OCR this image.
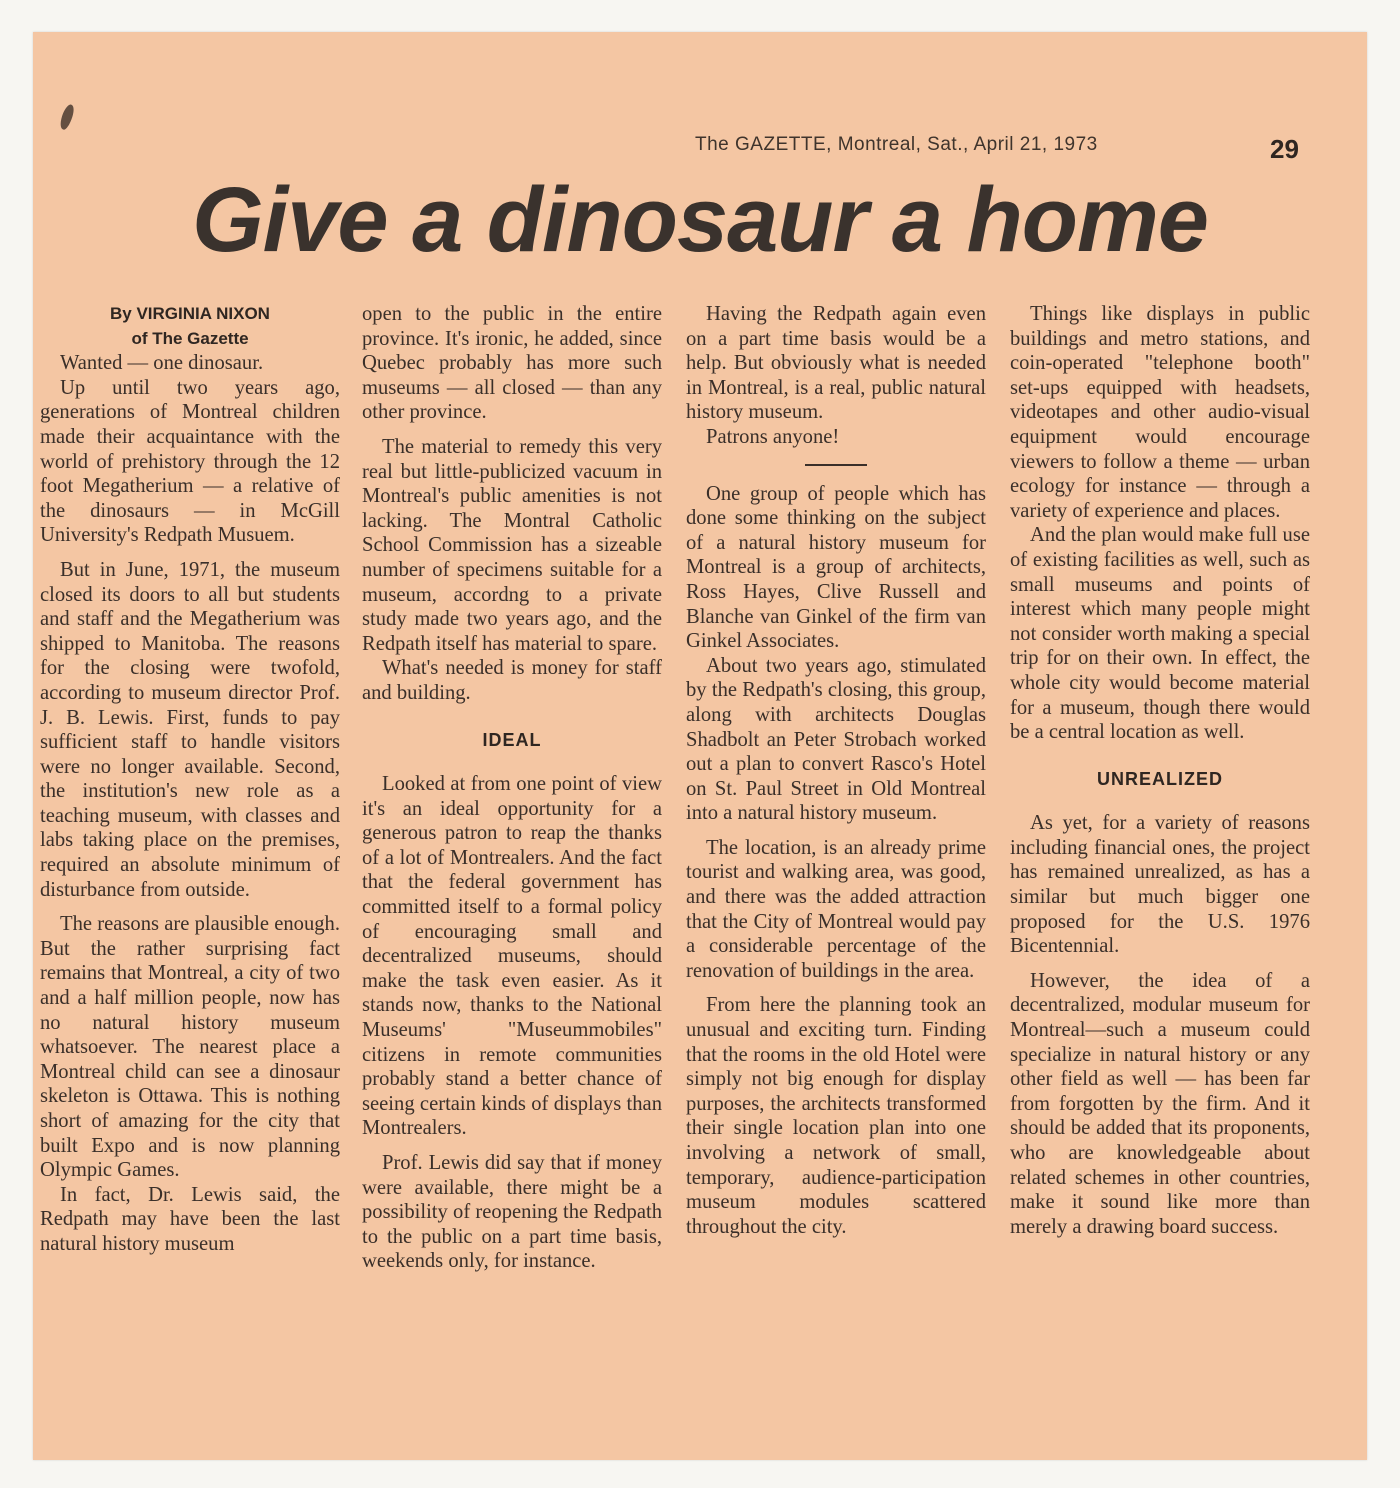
The GAZETTE, Montreal, Sat., April 21, 1973	29
Give a dinosaur a home

By VIRGINIA NIXON

of The Gazette

Wanted — one dinosaur.

Up until two years ago, generations of Montreal children made their acquaintance with the world of prehistory through the 12 foot Megatherium — a relative of the dinosaurs — in McGill University's Redpath Musuem.

But in June, 1971, the museum closed its doors to all but students and staff and the Megatherium was shipped to Manitoba. The reasons for the closing were twofold, according to museum director Prof. J. B. Lewis. First, funds to pay sufficient staff to handle visitors were no longer available. Second, the institution's new role as a teaching museum, with classes and labs taking place on the premises, required an absolute minimum of disturbance from outside.

The reasons are plausible enough. But the rather surprising fact remains that Montreal, a city of two and a half million people, now has no natural history museum whatsoever. The nearest place a Montreal child can see a dinosaur skeleton is Ottawa. This is nothing short of amazing for the city that built Expo and is now planning Olympic Games.

In fact, Dr. Lewis said, the Redpath may have been the last natural history museum

open to the public in the entire province. It's ironic, he added, since Quebec probably has more such museums — all closed — than any other province.

The material to remedy this very real but little-publicized vacuum in Montreal's public amenities is not lacking. The Montral Catholic School Commission has a sizeable number of specimens suitable for a museum, accordng to a private study made two years ago, and the Redpath itself has material to spare.

What's needed is money for staff and building.

IDEAL

Looked at from one point of view it's an ideal opportunity for a generous patron to reap the thanks of a lot of Montrealers. And the fact that the federal government has committed itself to a formal policy of encouraging small and decentralized museums, should make the task even easier. As it stands now, thanks to the National Museums' "Museummobiles" citizens in remote communities probably stand a better chance of seeing certain kinds of displays than Montrealers.

Prof. Lewis did say that if money were available, there might be a possibility of reopening the Redpath to the public on a part time basis, weekends only, for instance.

Having the Redpath again even on a part time basis would be a help. But obviously what is needed in Montreal, is a real, public natural history museum.

Patrons anyone!

One group of people which has done some thinking on the subject of a natural history museum for Montreal is a group of architects, Ross Hayes, Clive Russell and Blanche van Ginkel of the firm van Ginkel Associates.

About two years ago, stimulated by the Redpath's closing, this group, along with architects Douglas Shadbolt an Peter Strobach worked out a plan to convert Rasco's Hotel on St. Paul Street in Old Montreal into a natural history museum.

The location, is an already prime tourist and walking area, was good, and there was the added attraction that the City of Montreal would pay a considerable percentage of the renovation of buildings in the area.

From here the planning took an unusual and exciting turn. Finding that the rooms in the old Hotel were simply not big enough for display purposes, the architects transformed their single location plan into one involving a network of small, temporary, audience-participation museum modules scattered throughout the city.

Things like displays in public buildings and metro stations, and coin-operated "telephone booth" set-ups equipped with headsets, videotapes and other audio-visual equipment would encourage viewers to follow a theme — urban ecology for instance — through a variety of experience and places.

And the plan would make full use of existing facilities as well, such as small museums and points of interest which many people might not consider worth making a special trip for on their own. In effect, the whole city would become material for a museum, though there would be a central location as well.

UNREALIZED

As yet, for a variety of reasons including financial ones, the project has remained unrealized, as has a similar but much bigger one proposed for the U.S. 1976 Bicentennial.

However, the idea of a decentralized, modular museum for Montreal—such a museum could specialize in natural history or any other field as well — has been far from forgotten by the firm. And it should be added that its proponents, who are knowledgeable about related schemes in other countries, make it sound like more than merely a drawing board success.
